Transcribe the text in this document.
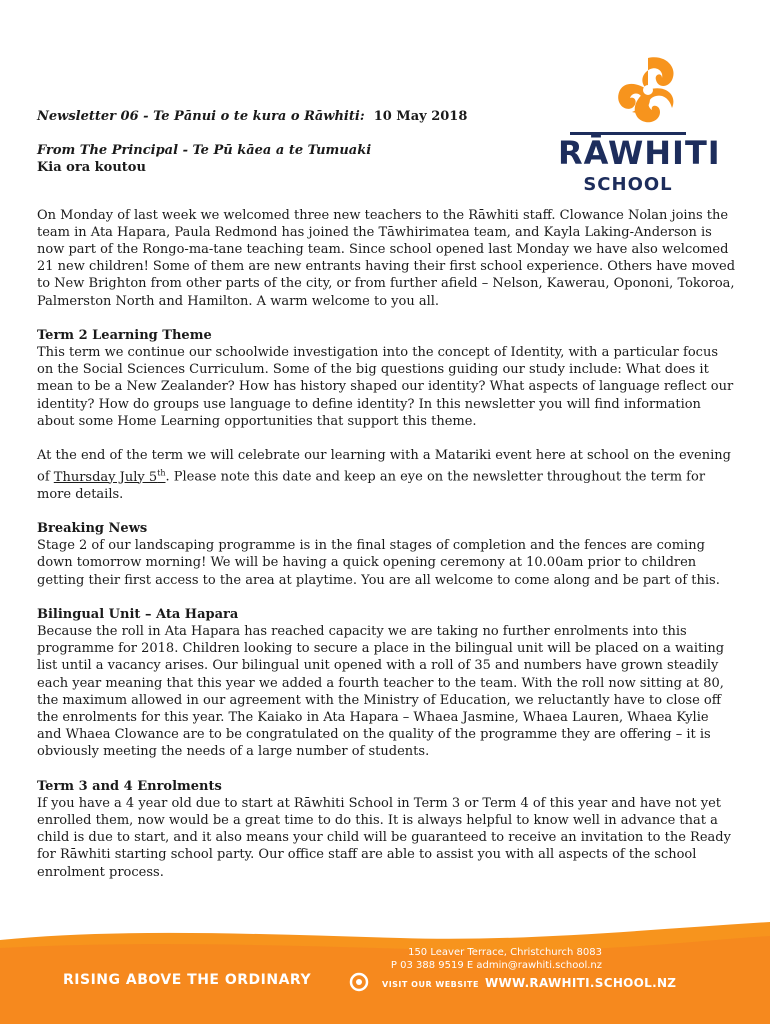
RĀWHITI
SCHOOL

Newsletter 06 - Te Pānui o te kura o Rāwhiti:  10 May 2018

From The Principal - Te Pū kāea a te Tumuaki

Kia ora koutou

On Monday of last week we welcomed three new teachers to the Rāwhiti staff. Clowance Nolan joins the team in Ata Hapara, Paula Redmond has joined the Tāwhirimatea team, and Kayla Laking-Anderson is now part of the Rongo-ma-tane teaching team. Since school opened last Monday we have also welcomed 21 new children! Some of them are new entrants having their first school experience. Others have moved to New Brighton from other parts of the city, or from further afield – Nelson, Kawerau, Opononi, Tokoroa, Palmerston North and Hamilton. A warm welcome to you all.

Term 2 Learning Theme

This term we continue our schoolwide investigation into the concept of Identity, with a particular focus on the Social Sciences Curriculum. Some of the big questions guiding our study include: What does it mean to be a New Zealander? How has history shaped our identity? What aspects of language reflect our identity? How do groups use language to define identity? In this newsletter you will find information about some Home Learning opportunities that support this theme.

At the end of the term we will celebrate our learning with a Matariki event here at school on the evening of Thursday July 5th. Please note this date and keep an eye on the newsletter throughout the term for more details.

Breaking News

Stage 2 of our landscaping programme is in the final stages of completion and the fences are coming down tomorrow morning! We will be having a quick opening ceremony at 10.00am prior to children getting their first access to the area at playtime. You are all welcome to come along and be part of this.

Bilingual Unit – Ata Hapara

Because the roll in Ata Hapara has reached capacity we are taking no further enrolments into this programme for 2018. Children looking to secure a place in the bilingual unit will be placed on a waiting list until a vacancy arises. Our bilingual unit opened with a roll of 35 and numbers have grown steadily each year meaning that this year we added a fourth teacher to the team. With the roll now sitting at 80, the maximum allowed in our agreement with the Ministry of Education, we reluctantly have to close off the enrolments for this year. The Kaiako in Ata Hapara – Whaea Jasmine, Whaea Lauren, Whaea Kylie and Whaea Clowance are to be congratulated on the quality of the programme they are offering – it is obviously meeting the needs of a large number of students.

Term 3 and 4 Enrolments

If you have a 4 year old due to start at Rāwhiti School in Term 3 or Term 4 of this year and have not yet enrolled them, now would be a great time to do this. It is always helpful to know well in advance that a child is due to start, and it also means your child will be guaranteed to receive an invitation to the Ready for Rāwhiti starting school party. Our office staff are able to assist you with all aspects of the school enrolment process.

RISING ABOVE THE ORDINARY
150 Leaver Terrace, Christchurch 8083
P 03 388 9519 E admin@rawhiti.school.nz
VISIT OUR WEBSITE WWW.RAWHITI.SCHOOL.NZ
